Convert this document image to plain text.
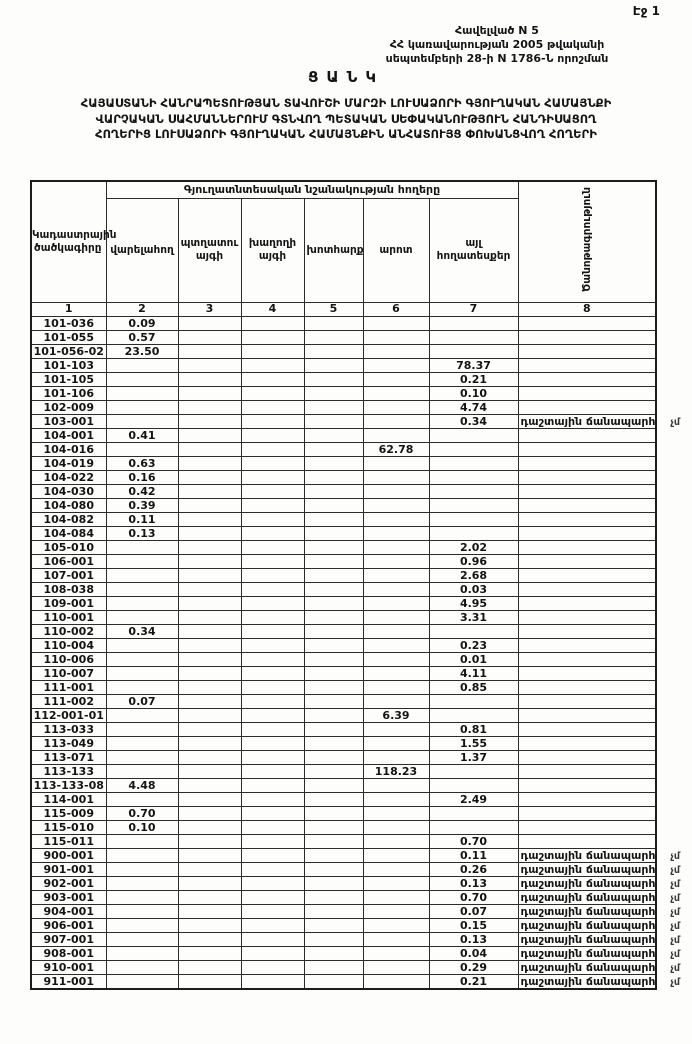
Էջ 1
Հավելված N 5
ՀՀ կառավարության 2005 թվականի
սեպտեմբերի 28-ի N 1786-Ն որոշման
ՑԱՆԿ
ՀԱՅԱՍՏԱՆԻ ՀԱՆՐԱՊԵՏՈՒԹՅԱՆ ՏԱՎՈՒՇԻ ՄԱՐԶԻ ԼՈՒՍԱՁՈՐԻ ԳՅՈՒՂԱԿԱՆ ՀԱՄԱՅՆՔԻ
ՎԱՐՉԱԿԱՆ ՍԱՀՄԱՆՆԵՐՈՒՄ ԳՏՆՎՈՂ ՊԵՏԱԿԱՆ ՍԵՓԱԿԱՆՈՒԹՅՈՒՆ ՀԱՆԴԻՍԱՑՈՂ
ՀՈՂԵՐԻՑ ԼՈՒՍԱՁՈՐԻ ԳՅՈՒՂԱԿԱՆ ՀԱՄԱՅՆՔԻՆ ԱՆՀԱՏՈՒՅՑ ՓՈԽԱՆՑՎՈՂ ՀՈՂԵՐԻ
Կադաստրային ծածկագիրը	Գյուղատնտեսական նշանակության հողերը						Ծանոթագրություն
	վարելահող	պտղատու այգի	խաղողի այգի	խոտհարք	արոտ	այլ հողատեսքեր	
1	2	3	4	5	6	7	8
101-036	0.09						

101-055	0.57						

101-056-02	23.50						

101-103						78.37	

101-105						0.21	

101-106						0.10	

102-009						4.74	

103-001						0.34	դաշտային ճանապարհ չմ

104-001	0.41						

104-016					62.78		

104-019	0.63						

104-022	0.16						

104-030	0.42						

104-080	0.39						

104-082	0.11						

104-084	0.13						

105-010						2.02	

106-001						0.96	

107-001						2.68	

108-038						0.03	

109-001						4.95	

110-001						3.31	

110-002	0.34						

110-004						0.23	

110-006						0.01	

110-007						4.11	

111-001						0.85	

111-002	0.07						

112-001-01					6.39		

113-033						0.81	

113-049						1.55	

113-071						1.37	

113-133					118.23		

113-133-08	4.48						

114-001						2.49	

115-009	0.70						

115-010	0.10						

115-011						0.70	

900-001						0.11	դաշտային ճանապարհ չմ

901-001						0.26	դաշտային ճանապարհ չմ

902-001						0.13	դաշտային ճանապարհ չմ

903-001						0.70	դաշտային ճանապարհ չմ

904-001						0.07	դաշտային ճանապարհ չմ

906-001						0.15	դաշտային ճանապարհ չմ

907-001						0.13	դաշտային ճանապարհ չմ

908-001						0.04	դաշտային ճանապարհ չմ

910-001						0.29	դաշտային ճանապարհ չմ

911-001						0.21	դաշտային ճանապարհ չմ
